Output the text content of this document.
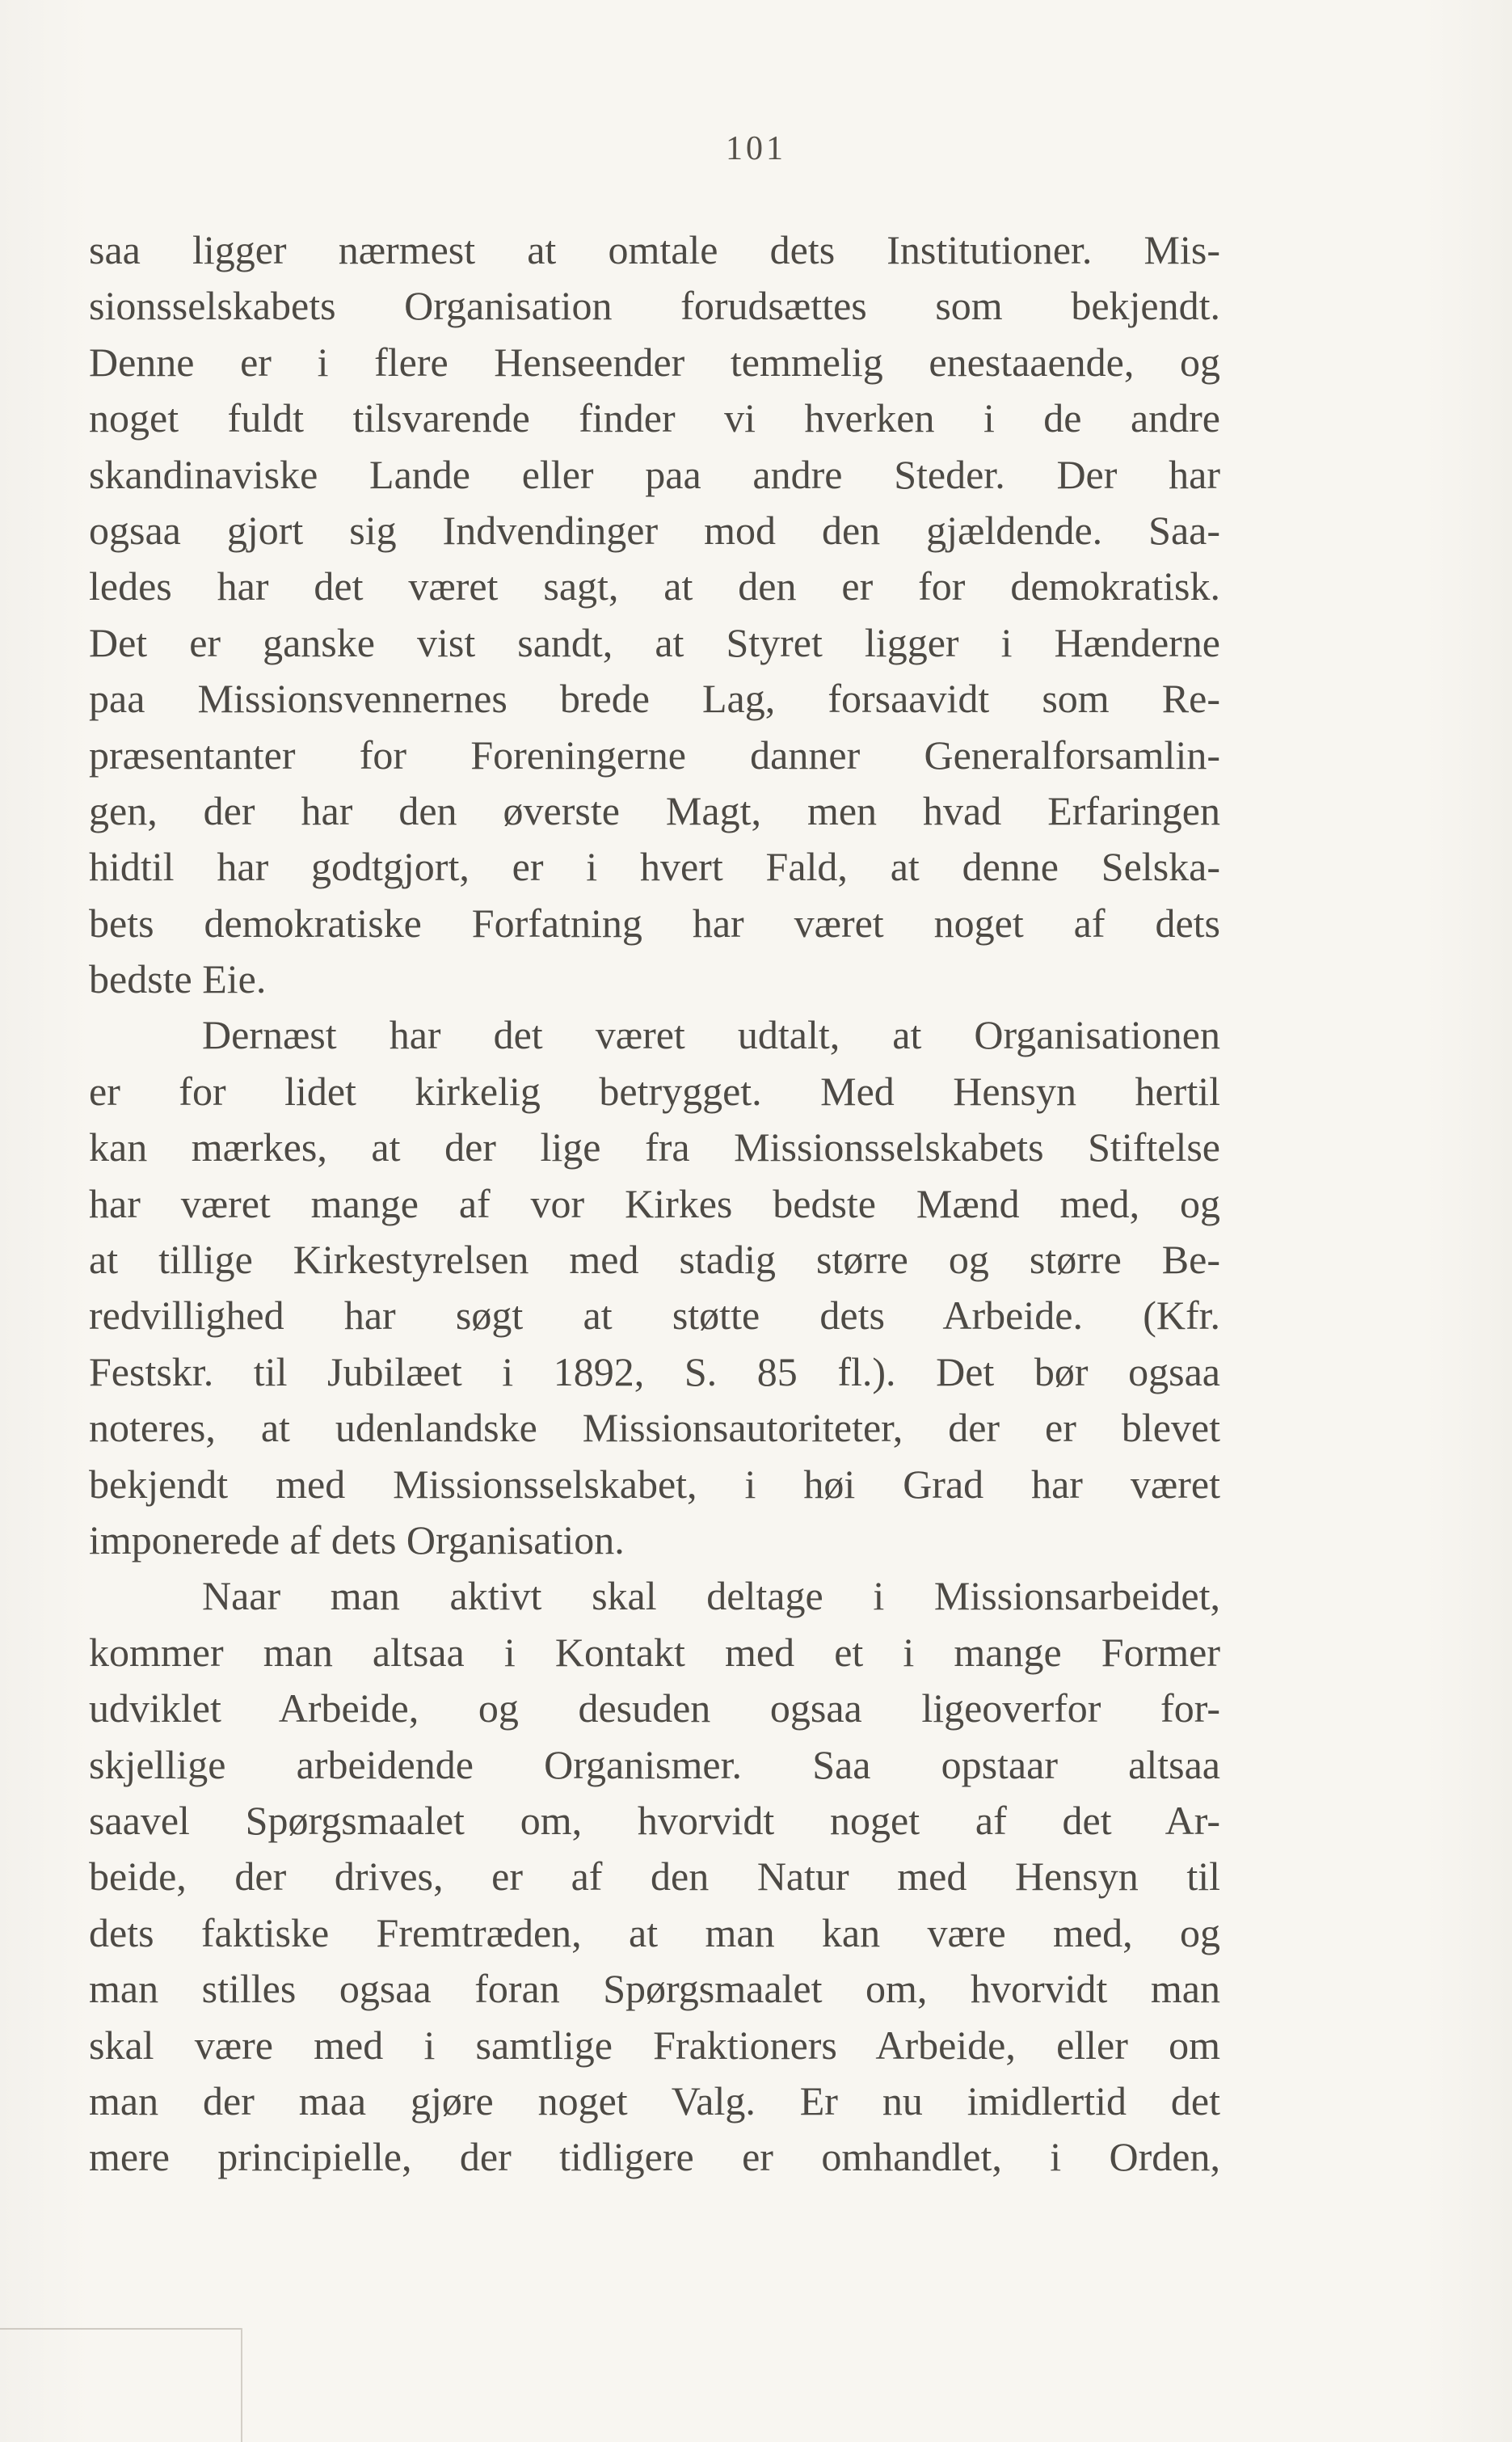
101
saa ligger nærmest at omtale dets Institutioner. Mis-
sionsselskabets Organisation forudsættes som bekjendt.
Denne er i flere Henseender temmelig enestaaende, og
noget fuldt tilsvarende finder vi hverken i de andre
skandinaviske Lande eller paa andre Steder. Der har
ogsaa gjort sig Indvendinger mod den gjældende. Saa-
ledes har det været sagt, at den er for demokratisk.
Det er ganske vist sandt, at Styret ligger i Hænderne
paa Missionsvennernes brede Lag, forsaavidt som Re-
præsentanter for Foreningerne danner Generalforsamlin-
gen, der har den øverste Magt, men hvad Erfaringen
hidtil har godtgjort, er i hvert Fald, at denne Selska-
bets demokratiske Forfatning har været noget af dets
bedste Eie.
Dernæst har det været udtalt, at Organisationen
er for lidet kirkelig betrygget. Med Hensyn hertil
kan mærkes, at der lige fra Missionsselskabets Stiftelse
har været mange af vor Kirkes bedste Mænd med, og
at tillige Kirkestyrelsen med stadig større og større Be-
redvillighed har søgt at støtte dets Arbeide. (Kfr.
Festskr. til Jubilæet i 1892, S. 85 fl.). Det bør ogsaa
noteres, at udenlandske Missionsautoriteter, der er blevet
bekjendt med Missionsselskabet, i høi Grad har været
imponerede af dets Organisation.
Naar man aktivt skal deltage i Missionsarbeidet,
kommer man altsaa i Kontakt med et i mange Former
udviklet Arbeide, og desuden ogsaa ligeoverfor for-
skjellige arbeidende Organismer. Saa opstaar altsaa
saavel Spørgsmaalet om, hvorvidt noget af det Ar-
beide, der drives, er af den Natur med Hensyn til
dets faktiske Fremtræden, at man kan være med, og
man stilles ogsaa foran Spørgsmaalet om, hvorvidt man
skal være med i samtlige Fraktioners Arbeide, eller om
man der maa gjøre noget Valg. Er nu imidlertid det
mere principielle, der tidligere er omhandlet, i Orden,
